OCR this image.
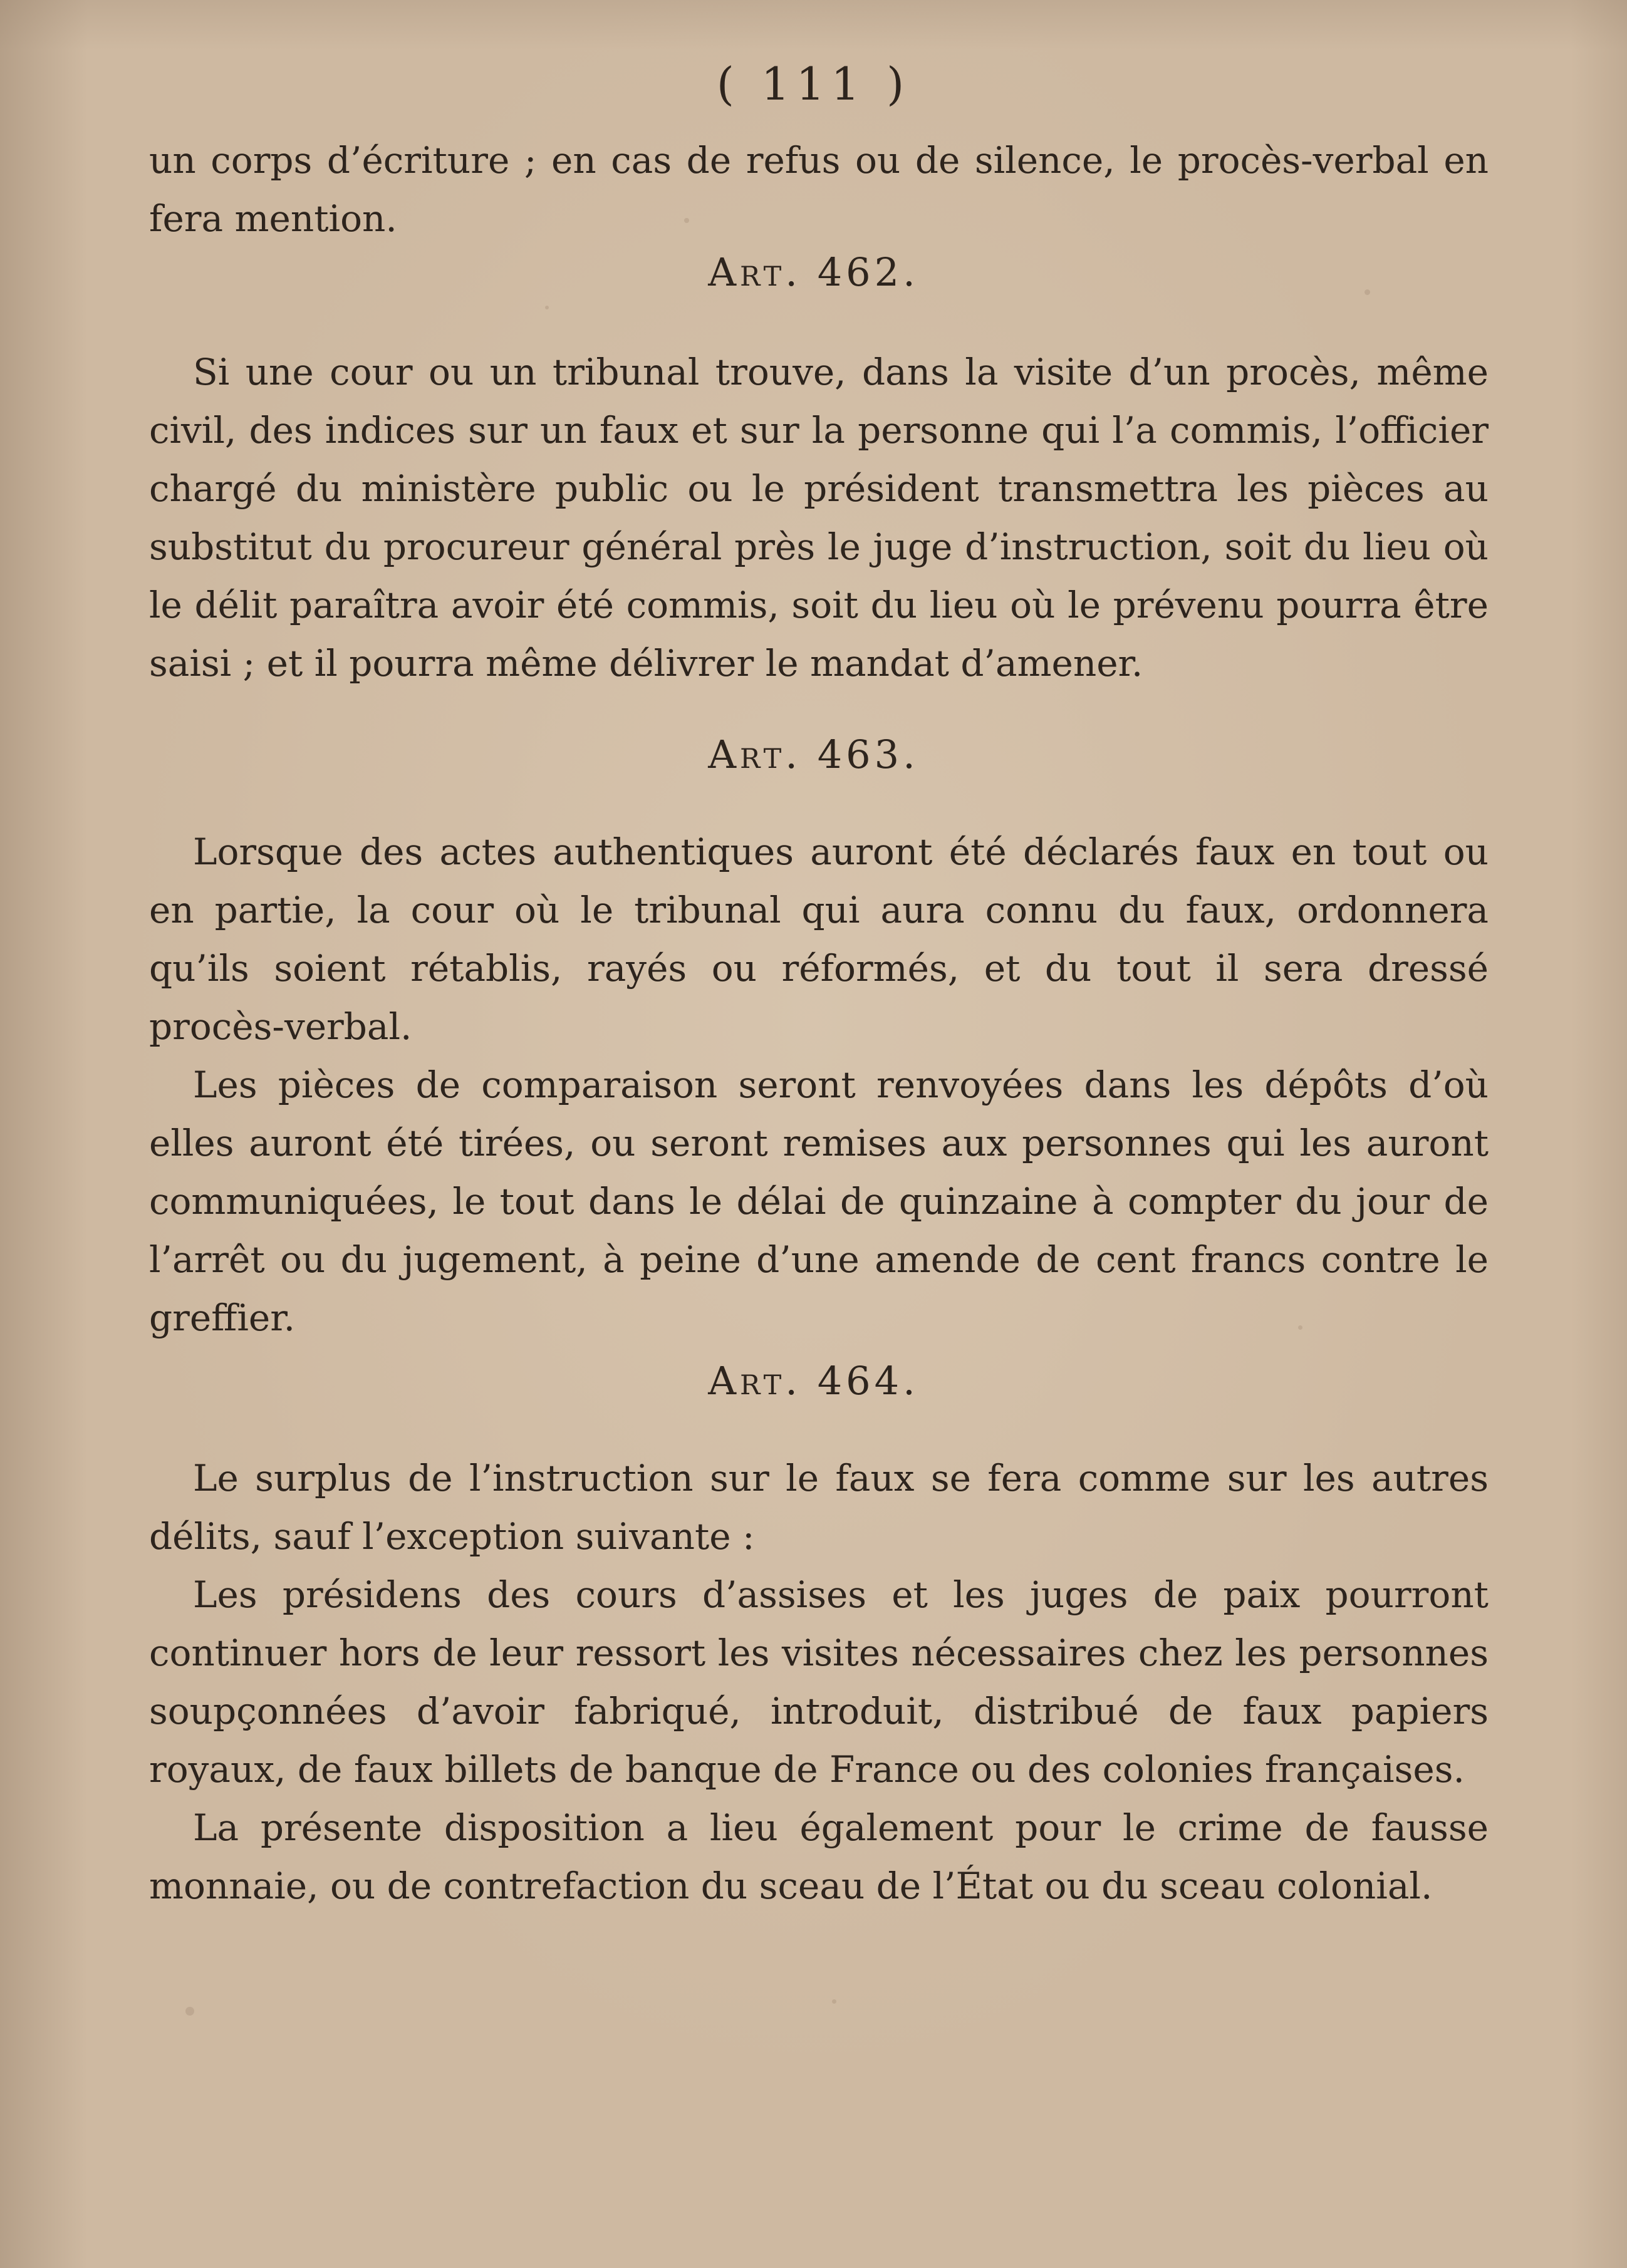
( 111 )

un corps d’écriture ; en cas de refus ou de silence, le procès-verbal en fera mention.

Art. 462.

Si une cour ou un tribunal trouve, dans la visite d’un procès, même civil, des indices sur un faux et sur la personne qui l’a commis, l’officier chargé du ministère public ou le président transmettra les pièces au substitut du procureur général près le juge d’instruction, soit du lieu où le délit paraîtra avoir été commis, soit du lieu où le prévenu pourra être saisi ; et il pourra même délivrer le mandat d’amener.

Art. 463.

Lorsque des actes authentiques auront été déclarés faux en tout ou en partie, la cour où le tribunal qui aura connu du faux, ordonnera qu’ils soient rétablis, rayés ou réformés, et du tout il sera dressé procès-verbal.

Les pièces de comparaison seront renvoyées dans les dépôts d’où elles auront été tirées, ou seront remises aux personnes qui les auront communiquées, le tout dans le délai de quinzaine à compter du jour de l’arrêt ou du jugement, à peine d’une amende de cent francs contre le greffier.

Art. 464.

Le surplus de l’instruction sur le faux se fera comme sur les autres délits, sauf l’exception suivante :

Les présidens des cours d’assises et les juges de paix pourront continuer hors de leur ressort les visites nécessaires chez les personnes soupçonnées d’avoir fabriqué, introduit, distribué de faux papiers royaux, de faux billets de banque de France ou des colonies françaises.

La présente disposition a lieu également pour le crime de fausse monnaie, ou de contrefaction du sceau de l’État ou du sceau colonial.
